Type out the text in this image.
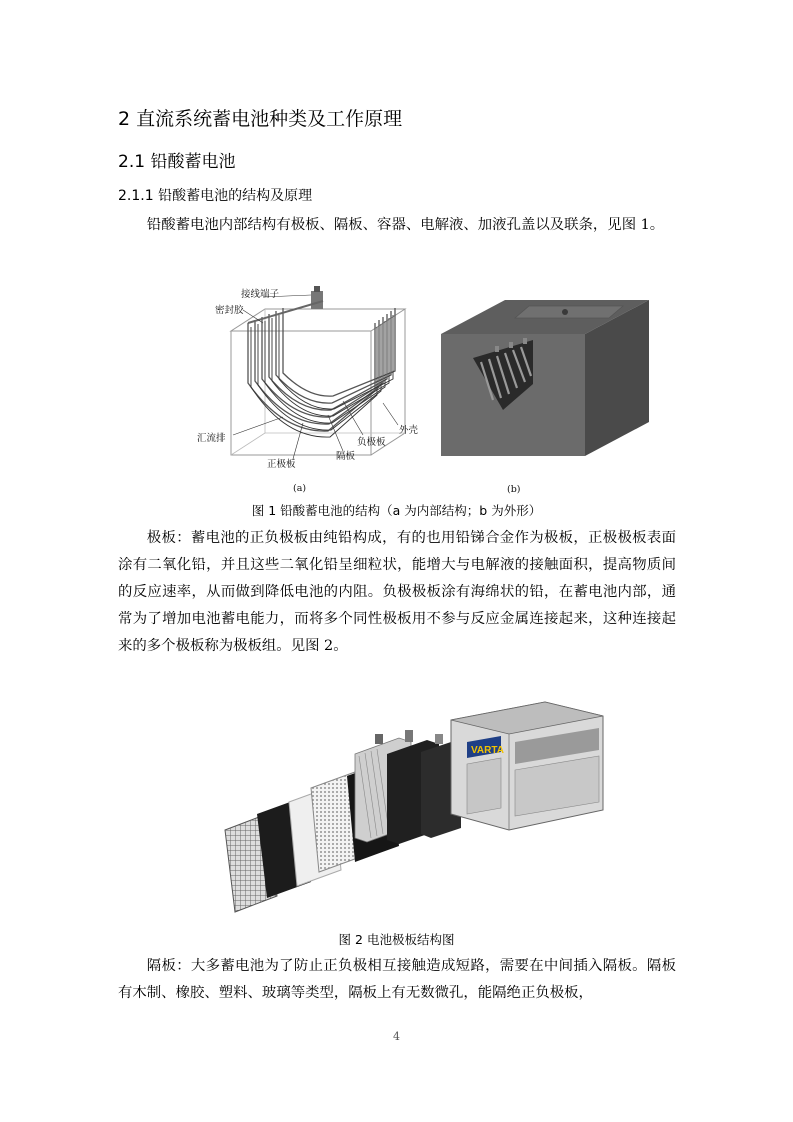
2 直流系统蓄电池种类及工作原理
2.1 铅酸蓄电池
2.1.1 铅酸蓄电池的结构及原理
铅酸蓄电池内部结构有极板、隔板、容器、电解液、加液孔盖以及联条，见图 1。
接线端子
密封胶
汇流排
正极板
隔板
负极板
外壳
(a)	(b)
图 1 铅酸蓄电池的结构（a 为内部结构；b 为外形）
极板：蓄电池的正负极板由纯铅构成，有的也用铅锑合金作为极板，正极极板表面涂有二氧化铅，并且这些二氧化铅呈细粒状，能增大与电解液的接触面积，提高物质间的反应速率，从而做到降低电池的内阻。负极极板涂有海绵状的铅，在蓄电池内部，通常为了增加电池蓄电能力，而将多个同性极板用不参与反应金属连接起来，这种连接起来的多个极板称为极板组。见图 2。
VARTA
图 2 电池极板结构图
隔板：大多蓄电池为了防止正负极相互接触造成短路，需要在中间插入隔板。隔板有木制、橡胶、塑料、玻璃等类型，隔板上有无数微孔，能隔绝正负极板，
4
